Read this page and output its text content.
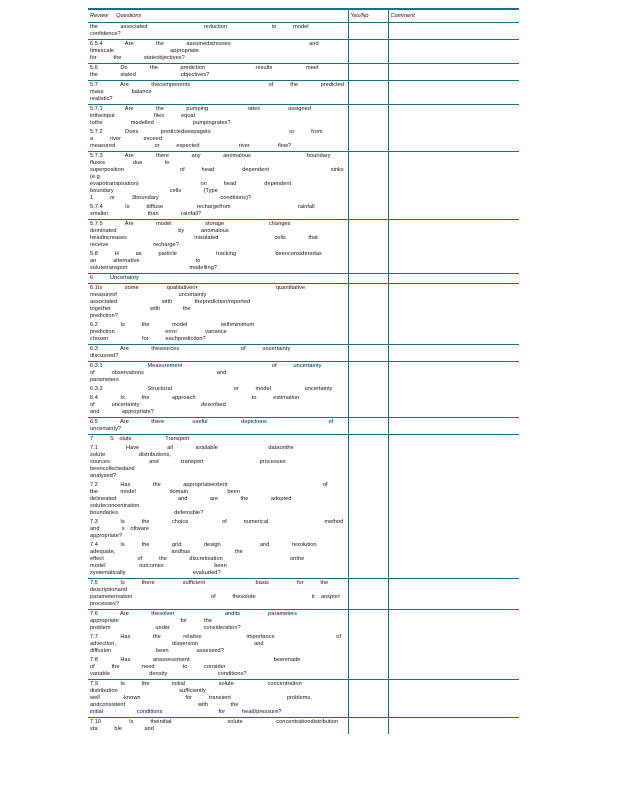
Review Questions	Yes/No	Comment
the    associated          reduction        in   model      confidence?		
6.5.4    Are    the    assumedstresses              and    timescale          appropriate
for   the    stateobjectives?		
5.6    Do    the    prediction         results      meet     the    stated        objectives?		
5.7    Are    thecomponents              of   the    predicted           mass     balance
realistic?		
5.7.1    Are    the    pumping       rates     assigned          intheinput       files   equal
tothe     modelled       pumpingrates?		
5.7.2    Does    predictedseepageto              or   from    a   river    exceed
measured       or   expected       river     flow?		
5.7.3    Are    there    any    anomalous          boundary          fluxes     due    to
superposition          of   head     dependent           sinks     (e.g.
evapotranspiration)           on   head     dependent           boundary          cells    (Type
1   or   3boundary           conditions)?		
5.7.4    Is   diffuse      rechargefrom            rainfall        smaller       than    rainfall?		
5.7.5    Are    model      storage        changes       dominated           by   anomalous
headincreases            inisolated          cells    that    receive        recharge?		
5.8   H   as   particle       tracking       beenconsideredas                  an   alternative          to
solutetransport           modelling?		
6   Uncertainty		
6.1Is    some     qualitativeor              quantitative           measureof           uncertainty
associated        with    theprediction/reported                      together       with    the
prediction?		
6.2    Is   the    model      withminimum              prediction         error     variance
chosen      for   eachprediction?		
6.3    Are    thesources           of   uncertainty           discussed?		
6.3.1        Measurement                of   uncertainty           of   observations             and
parameters		
6.3.2        Structural           or   model      uncertainty		
6.4    Is   the    approach          to   estimation           of   uncertainty           described
and    appropriate?		
6.5    Are    there     useful      depictions           of   uncertainty?		
7   S olute      Transport		
7.1     Have     all    available         dataonthe              solute      distributions,
sources       and    transport          processes           beencollectedand
analysed?		
7.2    Has    the    appropriateextent                 of   the    model      domain       been
delineated           and    are    the    adopted         soluteconcentration
boundaries          defensible?		
7.3    Is   the    choice      of   numerical          method        and    s oftware
appropriate?		
7.4    Is   the    grid    design       and    resolution          adequate,          andhas        the
effect      of   the    discretisation            onthe      model      outcomes         been
systematically            evaluated?		
7.5    Is   there     sufficient         basis     for   the    descriptionand
parameterisation              of   thesolute          tr ansport         processes?		
7.6    Are    thesolver         andits     parameters             appropriate           for   the
problem        under      consideration?		
7.7    Has    the    relative        importance           of   advection,          dispersion          and
diffusion        been     assessed?		
7.8    Has    anassessment               beenmade             of   the    need     to   consider
variable       density         conditions?		
7.9    Is   the    initial      solute      concentration              distribution           sufficiently
well    -known        for   transient          problems,          andconsistent             with    the
initial      conditions          for   head/pressure?		
7.10     Is   theinitial          solute      concentrationdistribution                       sta   ble    and		
